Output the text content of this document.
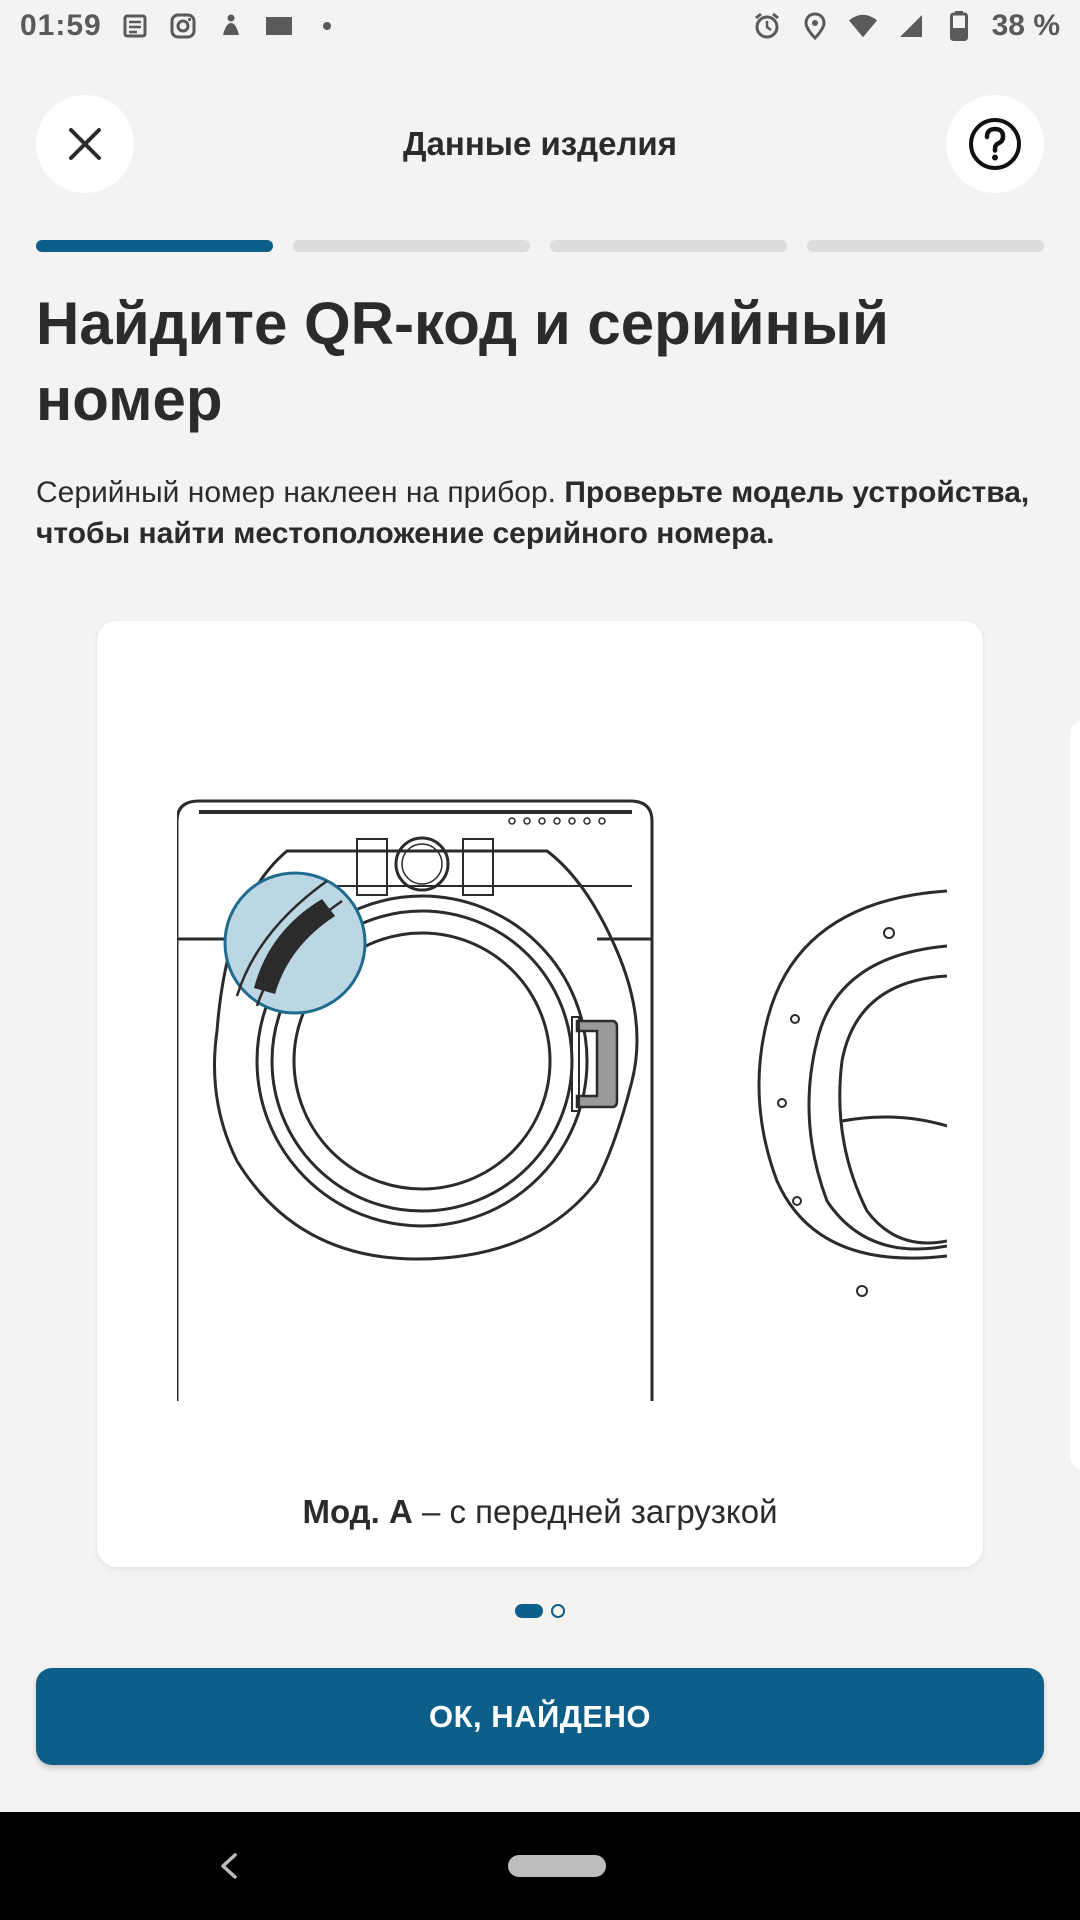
01:59	38 %
Данные изделия
Найдите QR-код и серийный номер

Серийный номер наклеен на прибор. Проверьте модель устройства, чтобы найти местоположение серийного номера.

Мод. А – с передней загрузкой
ОК, НАЙДЕНО
